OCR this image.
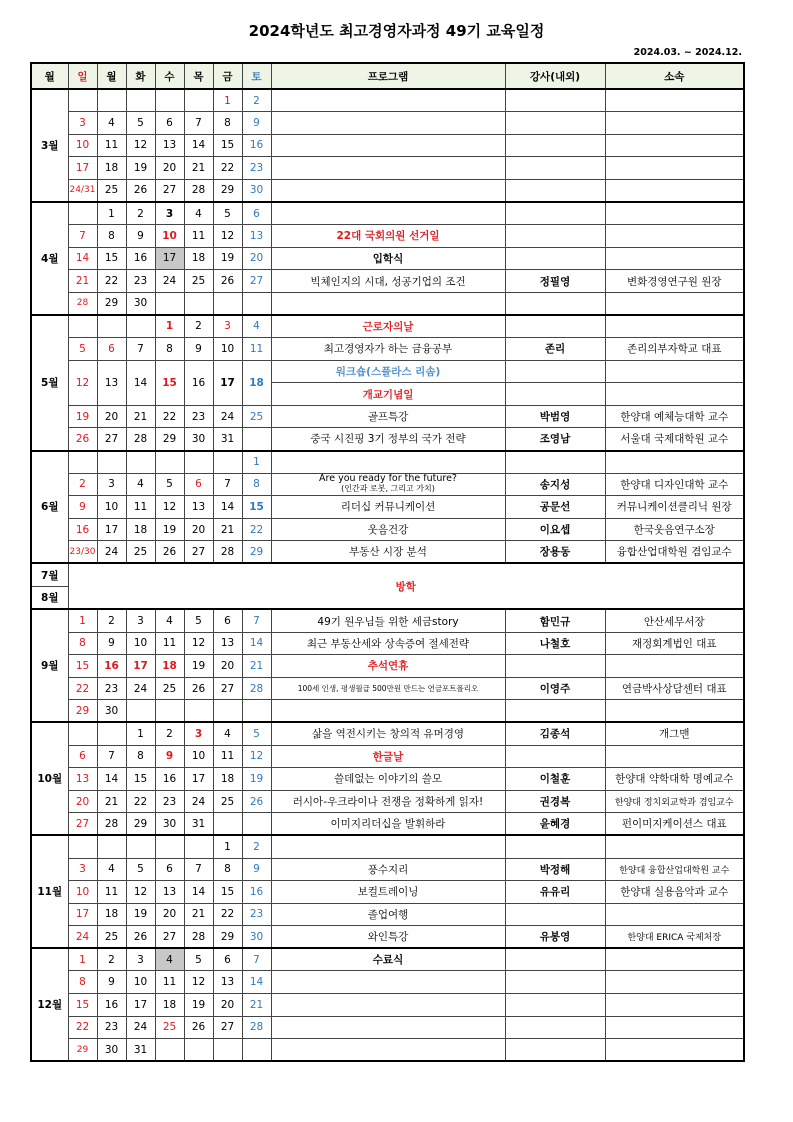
2024학년도 최고경영자과정 49기 교육일정
2024.03. ~ 2024.12.
월	일	월	화	수	목	금	토	프로그램	강사(내외)	소속
3월						1	2			
	3	4	5	6	7	8	9			
	10	11	12	13	14	15	16			
	17	18	19	20	21	22	23			
	24/31	25	26	27	28	29	30			
4월		1	2	3	4	5	6			
	7	8	9	10	11	12	13	22대 국회의원 선거일		
	14	15	16	17	18	19	20	입학식		
	21	22	23	24	25	26	27	빅체인지의 시대, 성공기업의 조건	정필영	변화경영연구원 원장
	28	29	30							
5월				1	2	3	4	근로자의날		
	5	6	7	8	9	10	11	최고경영자가 하는 금융공부	존리	존리의부자학교 대표
	12	13	14	15	16	17	18	워크숍(스플라스 리솜)		
								개교기념일		
	19	20	21	22	23	24	25	골프특강	박범영	한양대 예체능대학 교수
	26	27	28	29	30	31		중국 시진핑 3기 정부의 국가 전략	조영남	서울대 국제대학원 교수
6월							1			
	2	3	4	5	6	7	8	Are you ready for the future?
(인간과 로봇, 그리고 가치)	송지성	한양대 디자인대학 교수
	9	10	11	12	13	14	15	리더십 커뮤니케이션	공문선	커뮤니케이션클리닉 원장
	16	17	18	19	20	21	22	웃음건강	이요셉	한국웃음연구소장
	23/30	24	25	26	27	28	29	부동산 시장 분석	장용동	융합산업대학원 겸임교수
7월	방학									
8월										
9월	1	2	3	4	5	6	7	49기 원우님들 위한 세금story	함민규	안산세무서장
	8	9	10	11	12	13	14	최근 부동산세와 상속증여 절세전략	나철호	재정회계법인 대표
	15	16	17	18	19	20	21	추석연휴		
	22	23	24	25	26	27	28	100세 인생, 평생월급 500만원 만드는 연금포트폴리오	이영주	연금박사상담센터 대표
	29	30								
10월			1	2	3	4	5	삶을 역전시키는 창의적 유머경영	김종석	개그맨
	6	7	8	9	10	11	12	한글날		
	13	14	15	16	17	18	19	쓸데없는 이야기의 쓸모	이철훈	한양대 약학대학 명예교수
	20	21	22	23	24	25	26	러시아-우크라이나 전쟁을 정확하게 읽자!	권경복	한양대 정치외교학과 겸임교수
	27	28	29	30	31			이미지리더십을 발휘하라	윤혜경	펀이미지케이션스 대표
11월						1	2			
	3	4	5	6	7	8	9	풍수지리	박정해	한양대 융합산업대학원 교수
	10	11	12	13	14	15	16	보컬트레이닝	유유리	한양대 실용음악과 교수
	17	18	19	20	21	22	23	졸업여행		
	24	25	26	27	28	29	30	와인특강	유봉영	한양대 ERICA 국제처장
12월	1	2	3	4	5	6	7	수료식		
	8	9	10	11	12	13	14			
	15	16	17	18	19	20	21			
	22	23	24	25	26	27	28			
	29	30	31							
